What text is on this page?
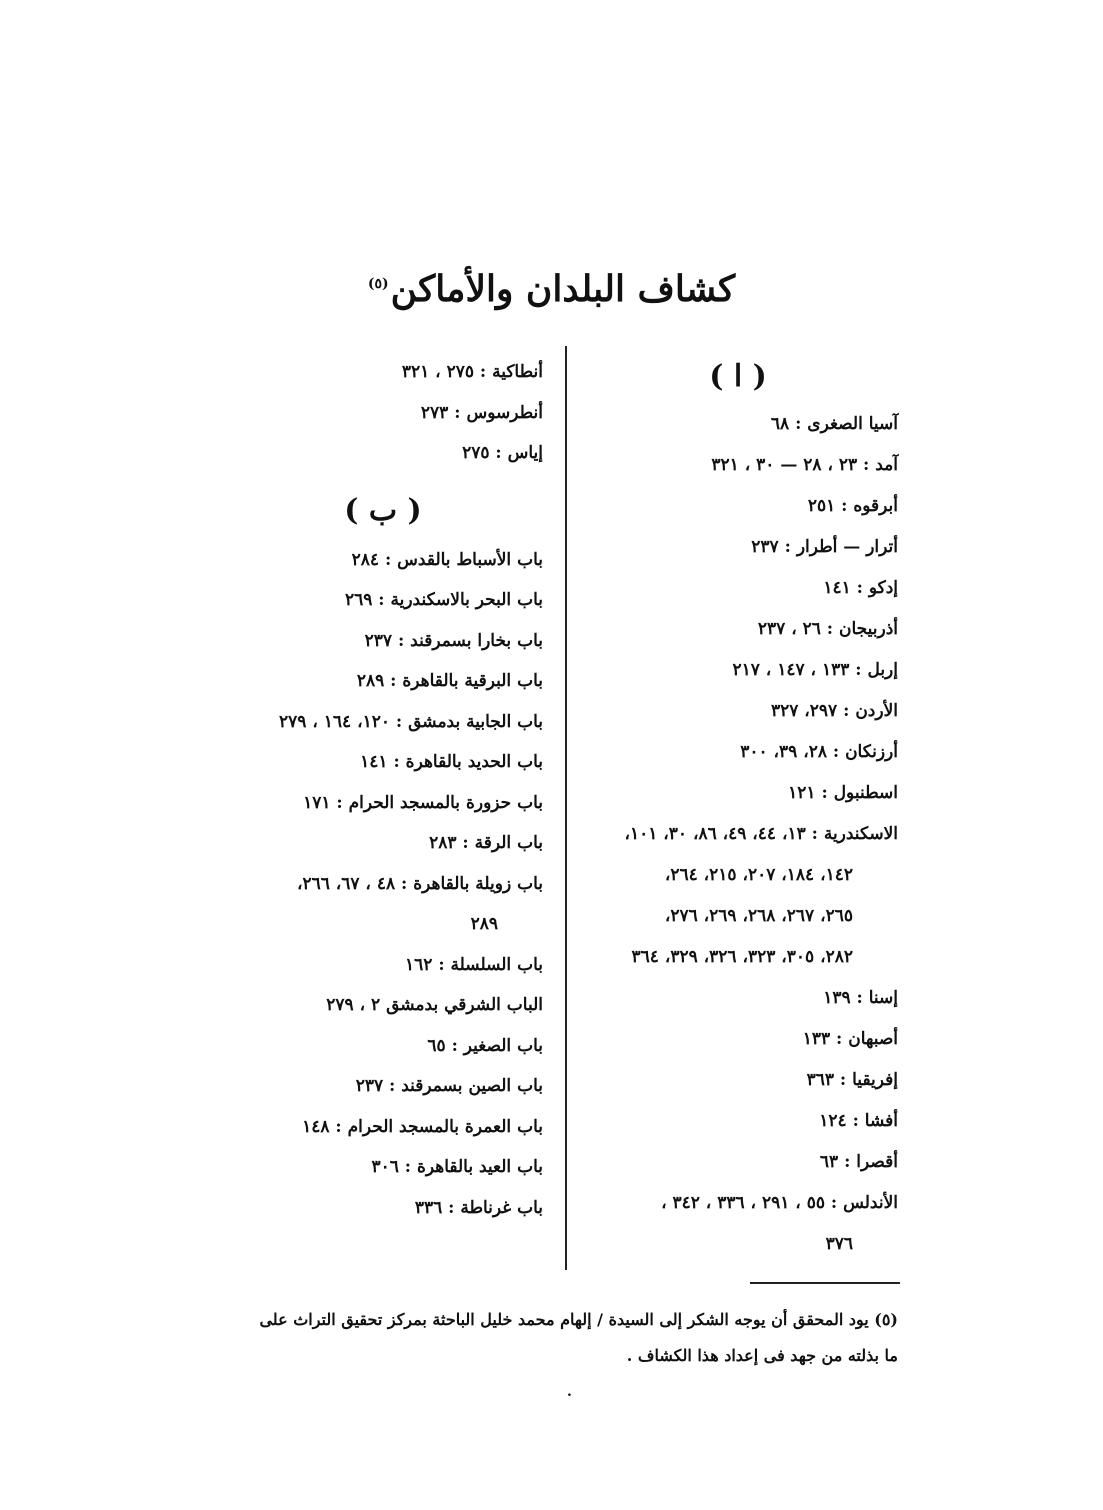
كشاف البلدان والأماكن$^{(٥)}$
( ا )
آسيا الصغرى : ٦٨
آمد : ٢٣ ، ٢٨ — ٣٠ ، ٣٢١
أبرقوه : ٢٥١
أترار — أطرار : ٢٣٧
إدكو : ١٤١
أذربيجان : ٢٦ ، ٢٣٧
إربل : ١٣٣ ، ١٤٧ ، ٢١٧
الأردن : ٢٩٧، ٣٢٧
أرزنكان : ٢٨، ٣٩، ٣٠٠
اسطنبول : ١٢١
الاسكندرية : ١٣، ٤٤، ٤٩، ٨٦، ٣٠، ١٠١،
١٤٢، ١٨٤، ٢٠٧، ٢١٥، ٢٦٤،
٢٦٥، ٢٦٧، ٢٦٨، ٢٦٩، ٢٧٦،
٢٨٢، ٣٠٥، ٣٢٣، ٣٢٦، ٣٢٩، ٣٦٤
إسنا : ١٣٩
أصبهان : ١٣٣
إفريقيا : ٣٦٣
أفشا : ١٢٤
أقصرا : ٦٣
الأندلس : ٥٥ ، ٢٩١ ، ٣٣٦ ، ٣٤٢ ،
٣٧٦
أنطاكية : ٢٧٥ ، ٣٢١
أنطرسوس : ٢٧٣
إياس : ٢٧٥
( ب )
باب الأسباط بالقدس : ٢٨٤
باب البحر بالاسكندرية : ٢٦٩
باب بخارا بسمرقند : ٢٣٧
باب البرقية بالقاهرة : ٢٨٩
باب الجابية بدمشق : ١٢٠، ١٦٤ ، ٢٧٩
باب الحديد بالقاهرة : ١٤١
باب حزورة بالمسجد الحرام : ١٧١
باب الرقة : ٢٨٣
باب زويلة بالقاهرة : ٤٨ ، ٦٧، ٢٦٦،
٢٨٩
باب السلسلة : ١٦٢
الباب الشرقي بدمشق ٢ ، ٢٧٩
باب الصغير : ٦٥
باب الصين بسمرقند : ٢٣٧
باب العمرة بالمسجد الحرام : ١٤٨
باب العيد بالقاهرة : ٣٠٦
باب غرناطة : ٣٣٦
(٥) يود المحقق أن يوجه الشكر إلى السيدة / إلهام محمد خليل الباحثة بمركز تحقيق التراث على
ما بذلته من جهد فى إعداد هذا الكشاف .
.
